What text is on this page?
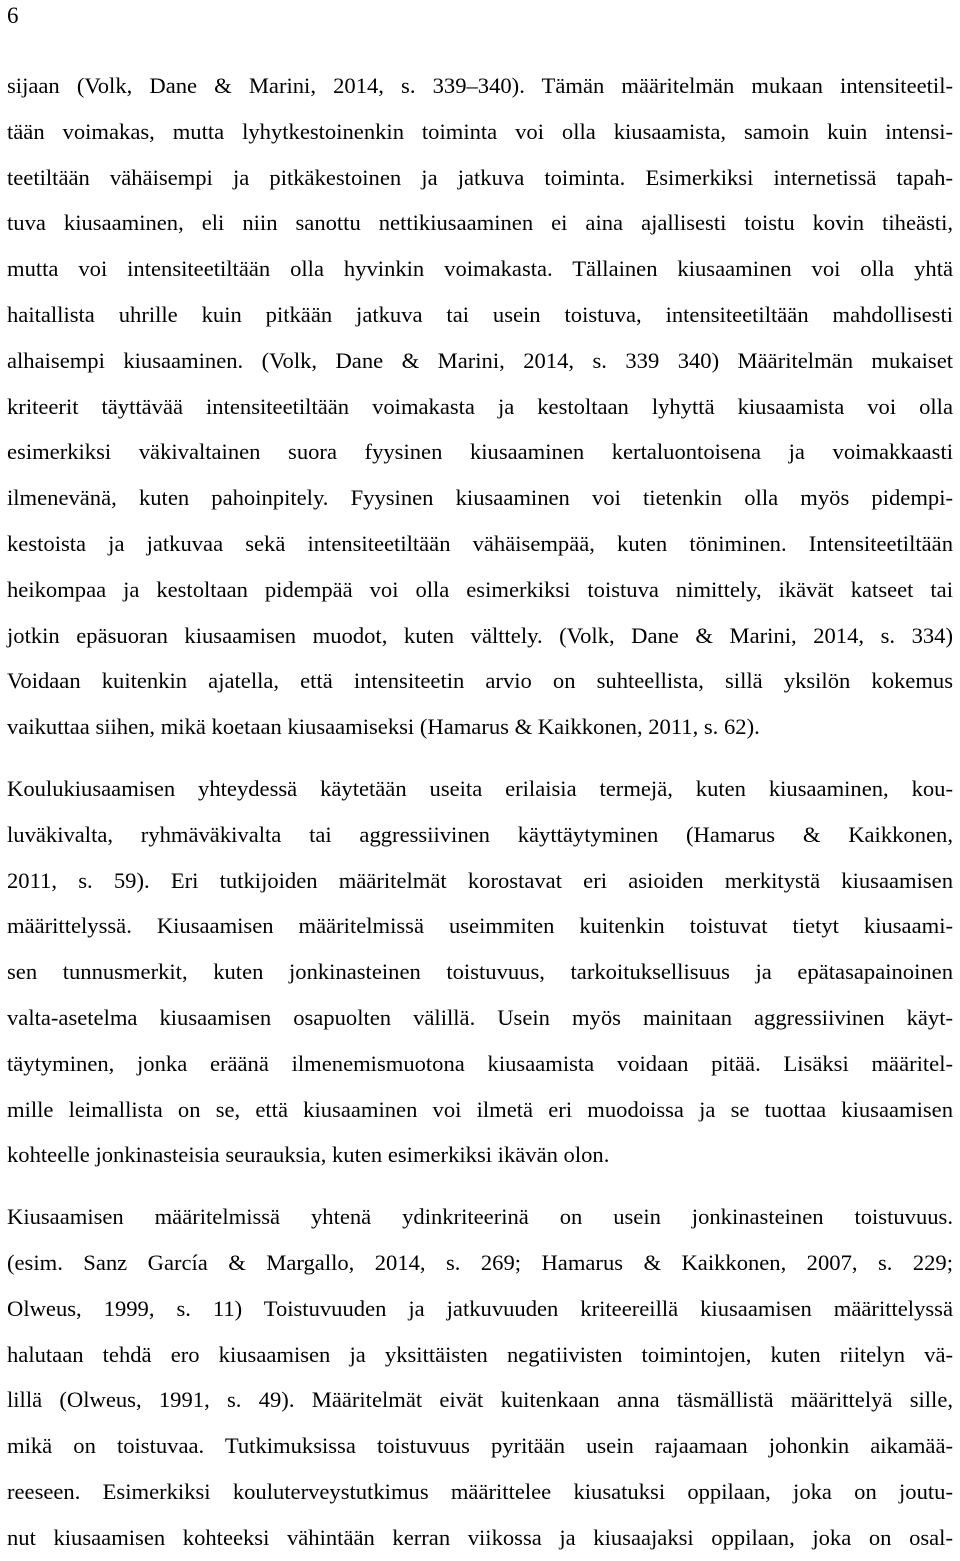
6

sijaan (Volk, Dane & Marini, 2014, s. 339–340). Tämän määritelmän mukaan intensiteetil-
tään voimakas, mutta lyhytkestoinenkin toiminta voi olla kiusaamista, samoin kuin intensi-
teetiltään vähäisempi ja pitkäkestoinen ja jatkuva toiminta. Esimerkiksi internetissä tapah-
tuva kiusaaminen, eli niin sanottu nettikiusaaminen ei aina ajallisesti toistu kovin tiheästi,
mutta voi intensiteetiltään olla hyvinkin voimakasta. Tällainen kiusaaminen voi olla yhtä
haitallista uhrille kuin pitkään jatkuva tai usein toistuva, intensiteetiltään mahdollisesti
alhaisempi kiusaaminen. (Volk, Dane & Marini, 2014, s. 339 340) Määritelmän mukaiset
kriteerit täyttävää intensiteetiltään voimakasta ja kestoltaan lyhyttä kiusaamista voi olla
esimerkiksi väkivaltainen suora fyysinen kiusaaminen kertaluontoisena ja voimakkaasti
ilmenevänä, kuten pahoinpitely. Fyysinen kiusaaminen voi tietenkin olla myös pidempi-
kestoista ja jatkuvaa sekä intensiteetiltään vähäisempää, kuten töniminen. Intensiteetiltään
heikompaa ja kestoltaan pidempää voi olla esimerkiksi toistuva nimittely, ikävät katseet tai
jotkin epäsuoran kiusaamisen muodot, kuten välttely. (Volk, Dane & Marini, 2014, s. 334)
Voidaan kuitenkin ajatella, että intensiteetin arvio on suhteellista, sillä yksilön kokemus
vaikuttaa siihen, mikä koetaan kiusaamiseksi (Hamarus & Kaikkonen, 2011, s. 62).

Koulukiusaamisen yhteydessä käytetään useita erilaisia termejä, kuten kiusaaminen, kou-
luväkivalta, ryhmäväkivalta tai aggressiivinen käyttäytyminen (Hamarus & Kaikkonen,
2011, s. 59). Eri tutkijoiden määritelmät korostavat eri asioiden merkitystä kiusaamisen
määrittelyssä. Kiusaamisen määritelmissä useimmiten kuitenkin toistuvat tietyt kiusaami-
sen tunnusmerkit, kuten jonkinasteinen toistuvuus, tarkoituksellisuus ja epätasapainoinen
valta-asetelma kiusaamisen osapuolten välillä. Usein myös mainitaan aggressiivinen käyt-
täytyminen, jonka eräänä ilmenemismuotona kiusaamista voidaan pitää. Lisäksi määritel-
mille leimallista on se, että kiusaaminen voi ilmetä eri muodoissa ja se tuottaa kiusaamisen
kohteelle jonkinasteisia seurauksia, kuten esimerkiksi ikävän olon.

Kiusaamisen määritelmissä yhtenä ydinkriteerinä on usein jonkinasteinen toistuvuus.
(esim. Sanz García & Margallo, 2014, s. 269; Hamarus & Kaikkonen, 2007, s. 229;
Olweus, 1999, s. 11) Toistuvuuden ja jatkuvuuden kriteereillä kiusaamisen määrittelyssä
halutaan tehdä ero kiusaamisen ja yksittäisten negatiivisten toimintojen, kuten riitelyn vä-
lillä (Olweus, 1991, s. 49). Määritelmät eivät kuitenkaan anna täsmällistä määrittelyä sille,
mikä on toistuvaa. Tutkimuksissa toistuvuus pyritään usein rajaamaan johonkin aikamää-
reeseen. Esimerkiksi kouluterveystutkimus määrittelee kiusatuksi oppilaan, joka on joutu-
nut kiusaamisen kohteeksi vähintään kerran viikossa ja kiusaajaksi oppilaan, joka on osal-
